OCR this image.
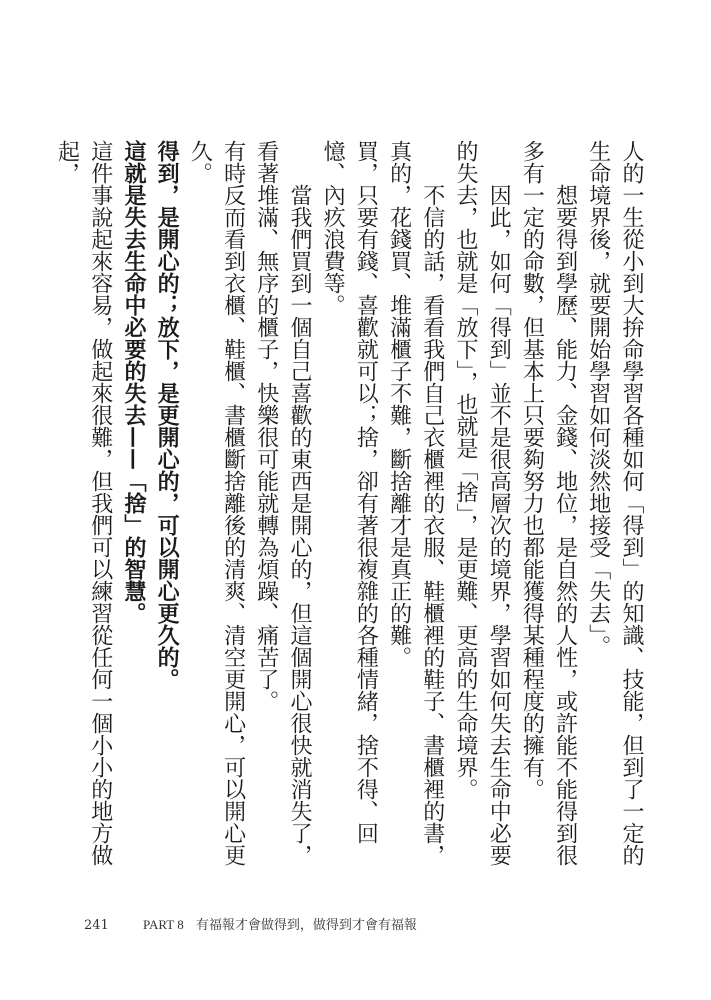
人的一生從小到大拚命學習各種如何「得到」的知識、技能，但到了一定的生命境界後，就要開始學習如何淡然地接受「失去」。

想要得到學歷、能力、金錢、地位，是自然的人性，或許能不能得到很多有一定的命數，但基本上只要夠努力也都能獲得某種程度的擁有。

因此，如何「得到」並不是很高層次的境界，學習如何失去生命中必要的失去，也就是「放下」，也就是「捨」，是更難、更高的生命境界。

不信的話，看看我們自己衣櫃裡的衣服、鞋櫃裡的鞋子、書櫃裡的書，真的，花錢買、堆滿櫃子不難，斷捨離才是真正的難。

買，只要有錢、喜歡就可以；捨，卻有著很複雜的各種情緒，捨不得、回憶、內疚浪費等。

當我們買到一個自己喜歡的東西是開心的，但這個開心很快就消失了，看著堆滿、無序的櫃子，快樂很可能就轉為煩躁、痛苦了。

有時反而看到衣櫃、鞋櫃、書櫃斷捨離後的清爽、清空更開心，可以開心更久。

得到，是開心的；放下，是更開心的，可以開心更久的。

這就是失去生命中必要的失去——「捨」的智慧。

這件事說起來容易，做起來很難，但我們可以練習從任何一個小小的地方做起，

241	PART 8 有福報才會做得到，做得到才會有福報
